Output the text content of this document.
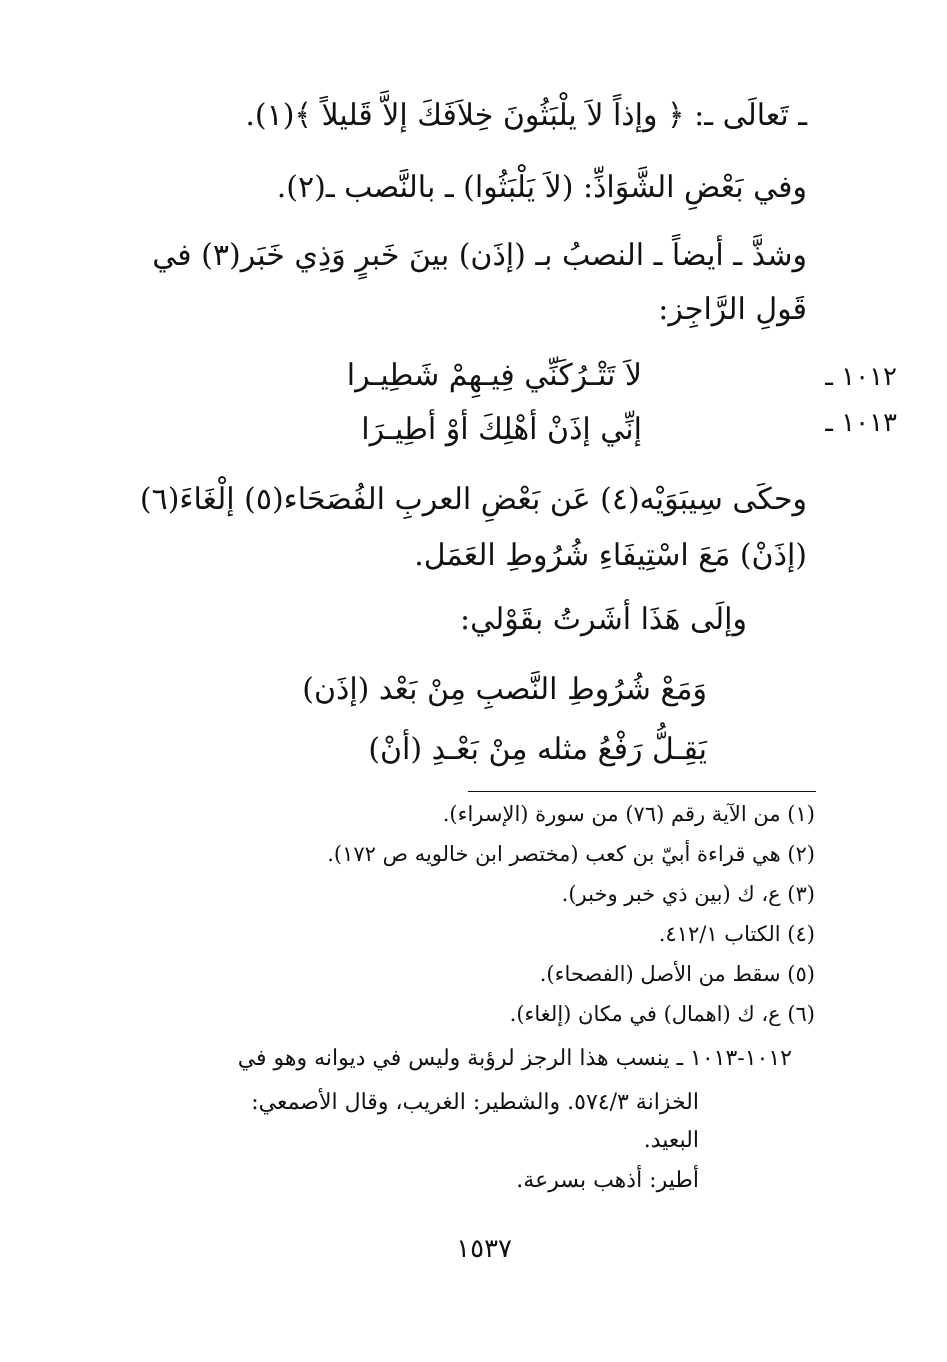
ـ تَعالَى ـ: ﴿ وإذاً لاَ يلْبَثُونَ خِلاَفَكَ إلاَّ قَليلاً ﴾(١).
وفي بَعْضِ الشَّوَاذِّ: (لاَ يَلْبَثُوا) ـ بالنَّصب ـ(٢).
وشذَّ ـ أيضاً ـ النصبُ بـ (إذَن) بينَ خَبرٍ وَذِي خَبَر(٣) في
قَولِ الرَّاجِز:
١٠١٢ ـ
لاَ تَتْـرُكَنِّي فِيـهِمْ شَطِيـرا
١٠١٣ ـ
إنِّي إذَنْ أهْلِكَ أوْ أطِيـرَا
وحكَى سِيبَوَيْه(٤) عَن بَعْضِ العربِ الفُصَحَاء(٥) إلْغَاءَ(٦)
(إذَنْ) مَعَ اسْتِيفَاءِ شُرُوطِ العَمَل.
وإلَى هَذَا أشَرتُ بقَوْلي:
وَمَعْ شُرُوطِ النَّصبِ مِنْ بَعْد (إذَن)
يَقِـلُّ رَفْعُ مثله مِنْ بَعْـدِ (أنْ)
(١) من الآية رقم (٧٦) من سورة (الإسراء).
(٢) هي قراءة أبيّ بن كعب (مختصر ابن خالويه ص ١٧٢).
(٣) ع، ك (بين ذي خبر وخبر).
(٤) الكتاب ٤١٢/١.
(٥) سقط من الأصل (الفصحاء).
(٦) ع، ك (اهمال) في مكان (إلغاء).
١٠١٢-١٠١٣ ـ ينسب هذا الرجز لرؤبة وليس في ديوانه وهو في
الخزانة ٥٧٤/٣. والشطير: الغريب، وقال الأصمعي:
البعيد.
أطير: أذهب بسرعة.
١٥٣٧
